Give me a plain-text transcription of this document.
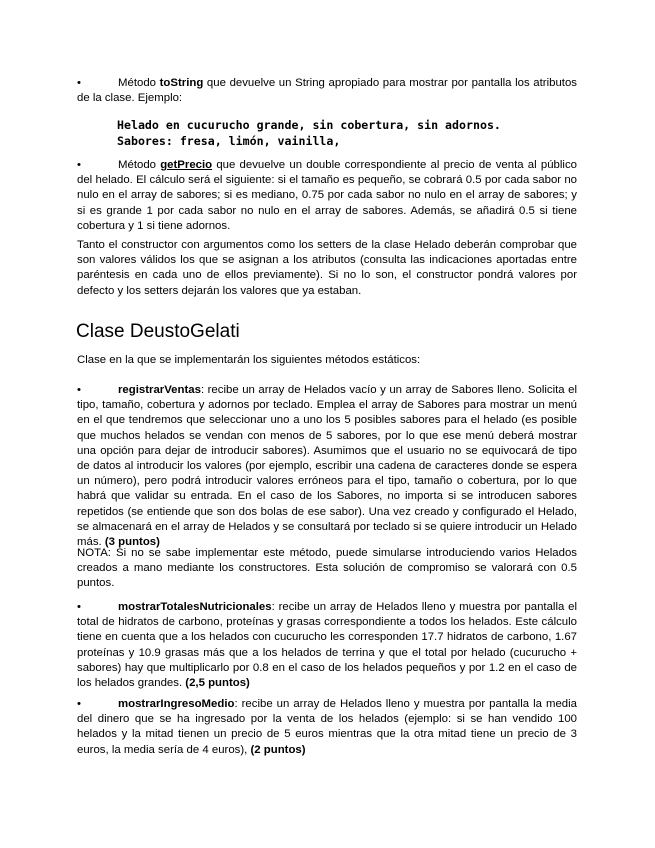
•	Método toString que devuelve un String apropiado para mostrar por pantalla los atributos de la clase. Ejemplo:

Helado en cucurucho grande, sin cobertura, sin adornos.
Sabores: fresa, limón, vainilla,

•	Método getPrecio que devuelve un double correspondiente al precio de venta al público del helado. El cálculo será el siguiente: si el tamaño es pequeño, se cobrará 0.5 por cada sabor no nulo en el array de sabores; si es mediano, 0.75 por cada sabor no nulo en el array de sabores; y si es grande 1 por cada sabor no nulo en el array de sabores. Además, se añadirá 0.5 si tiene cobertura y 1 si tiene adornos.

Tanto el constructor con argumentos como los setters de la clase Helado deberán comprobar que son valores válidos los que se asignan a los atributos (consulta las indicaciones aportadas entre paréntesis en cada uno de ellos previamente). Si no lo son, el constructor pondrá valores por defecto y los setters dejarán los valores que ya estaban.

Clase DeustoGelati

Clase en la que se implementarán los siguientes métodos estáticos:

•	registrarVentas: recibe un array de Helados vacío y un array de Sabores lleno. Solicita el tipo, tamaño, cobertura y adornos por teclado. Emplea el array de Sabores para mostrar un menú en el que tendremos que seleccionar uno a uno los 5 posibles sabores para el helado (es posible que muchos helados se vendan con menos de 5 sabores, por lo que ese menú deberá mostrar una opción para dejar de introducir sabores). Asumimos que el usuario no se equivocará de tipo de datos al introducir los valores (por ejemplo, escribir una cadena de caracteres donde se espera un número), pero podrá introducir valores erróneos para el tipo, tamaño o cobertura, por lo que habrá que validar su entrada. En el caso de los Sabores, no importa si se introducen sabores repetidos (se entiende que son dos bolas de ese sabor). Una vez creado y configurado el Helado, se almacenará en el array de Helados y se consultará por teclado si se quiere introducir un Helado más. (3 puntos)

NOTA: Si no se sabe implementar este método, puede simularse introduciendo varios Helados creados a mano mediante los constructores. Esta solución de compromiso se valorará con 0.5 puntos.

•	mostrarTotalesNutricionales: recibe un array de Helados lleno y muestra por pantalla el total de hidratos de carbono, proteínas y grasas correspondiente a todos los helados. Este cálculo tiene en cuenta que a los helados con cucurucho les corresponden 17.7 hidratos de carbono, 1.67 proteínas y 10.9 grasas más que a los helados de terrina y que el total por helado (cucurucho + sabores) hay que multiplicarlo por 0.8 en el caso de los helados pequeños y por 1.2 en el caso de los helados grandes. (2,5 puntos)

•	mostrarIngresoMedio: recibe un array de Helados lleno y muestra por pantalla la media del dinero que se ha ingresado por la venta de los helados (ejemplo: si se han vendido 100 helados y la mitad tienen un precio de 5 euros mientras que la otra mitad tiene un precio de 3 euros, la media sería de 4 euros), (2 puntos)
